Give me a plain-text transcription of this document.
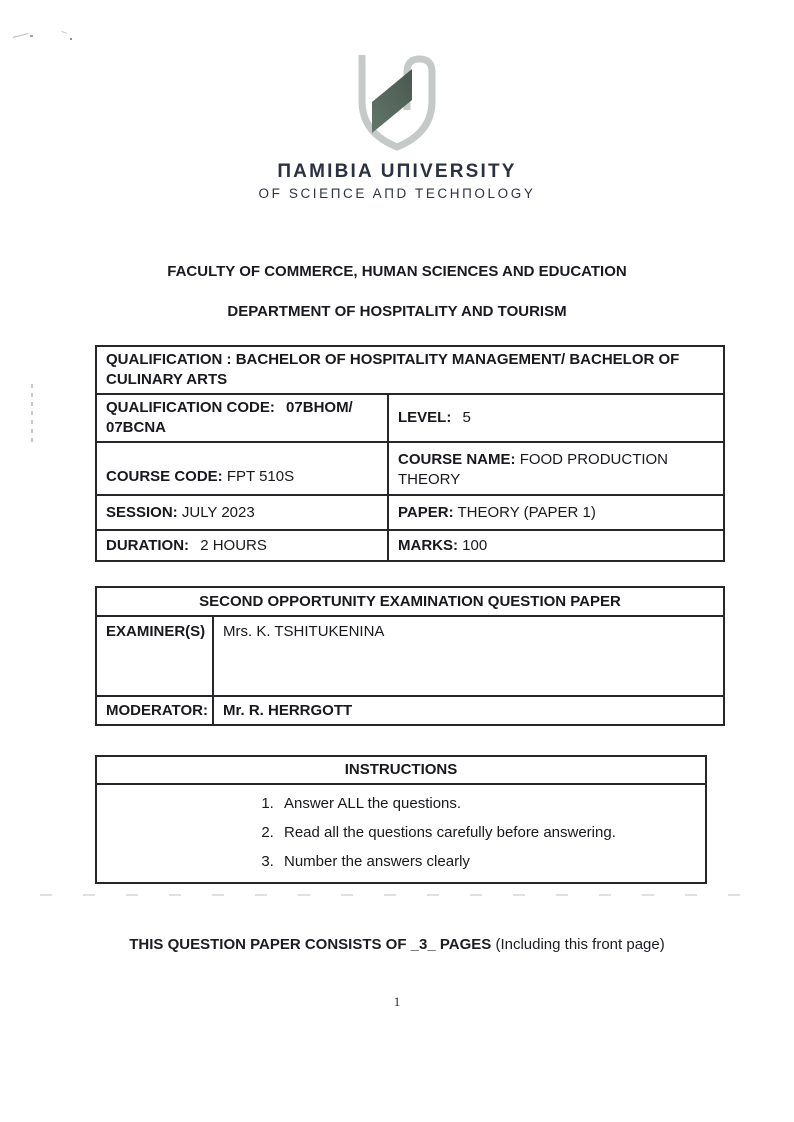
ПAMIBIA UПIVERSITY
OF SCIEПCE AПD TECHПOLOGY
FACULTY OF COMMERCE, HUMAN SCIENCES AND EDUCATION
DEPARTMENT OF HOSPITALITY AND TOURISM
QUALIFICATION : BACHELOR OF HOSPITALITY MANAGEMENT/ BACHELOR OF CULINARY ARTS	
QUALIFICATION CODE: 07BHOM/ 07BCNA	LEVEL: 5
COURSE CODE: FPT 510S	COURSE NAME: FOOD PRODUCTION THEORY
SESSION: JULY 2023	PAPER: THEORY (PAPER 1)
DURATION: 2 HOURS	MARKS: 100
SECOND OPPORTUNITY EXAMINATION QUESTION PAPER	
EXAMINER(S)	Mrs. K. TSHITUKENINA
MODERATOR:	Mr. R. HERRGOTT
INSTRUCTIONS

1. Answer ALL the questions.
2. Read all the questions carefully before answering.
3. Number the answers clearly
THIS QUESTION PAPER CONSISTS OF _3_ PAGES (Including this front page)
1
